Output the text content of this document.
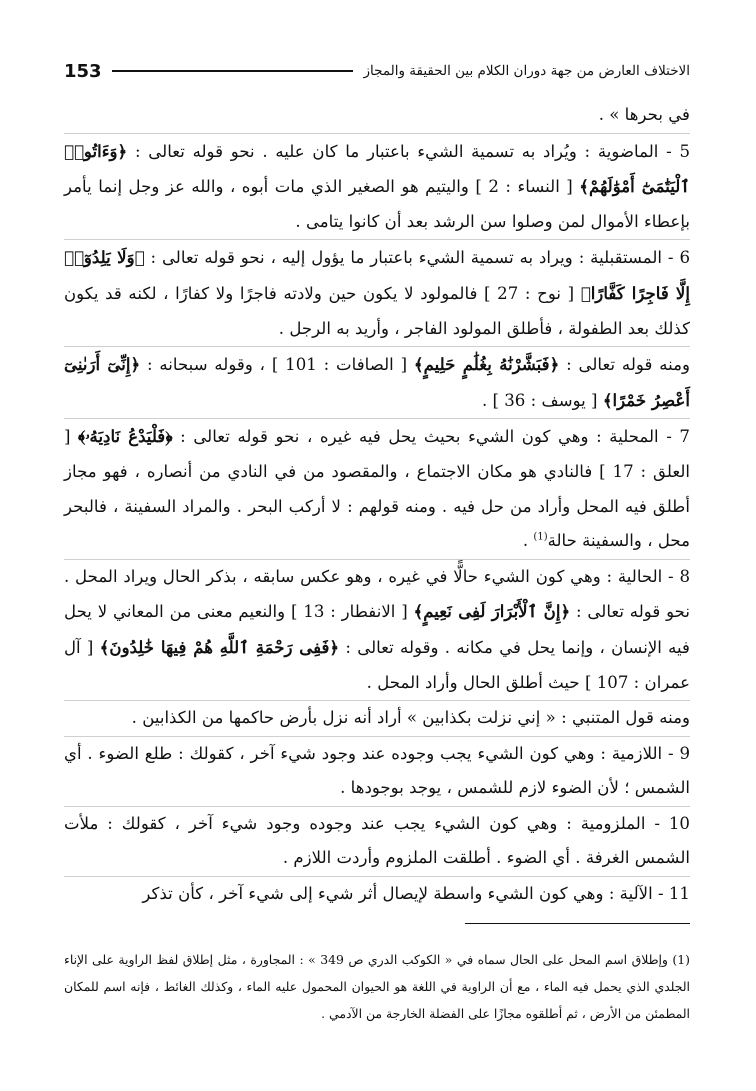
الاختلاف العارض من جهة دوران الكلام بين الحقيقة والمجاز
153

في بحرها » .

5 - الماضوية : ويُراد به تسمية الشيء باعتبار ما كان عليه . نحو قوله تعالى : ﴿وَءَاتُوا۟ ٱلْيَتَٰمَىٰٓ أَمْوَٰلَهُمْ﴾ [ النساء : 2 ] واليتيم هو الصغير الذي مات أبوه ، والله عز وجل إنما يأمر بإعطاء الأموال لمن وصلوا سن الرشد بعد أن كانوا يتامى .

6 - المستقبلية : ويراد به تسمية الشيء باعتبار ما يؤول إليه ، نحو قوله تعالى : ﴿وَلَا يَلِدُوٓا۟ إِلَّا فَاجِرًا كَفَّارًا﴾ [ نوح : 27 ] فالمولود لا يكون حين ولادته فاجرًا ولا كفارًا ، لكنه قد يكون كذلك بعد الطفولة ، فأطلق المولود الفاجر ، وأريد به الرجل .

ومنه قوله تعالى : ﴿فَبَشَّرْنَٰهُ بِغُلَٰمٍ حَلِيمٍ﴾ [ الصافات : 101 ] ، وقوله سبحانه : ﴿إِنِّىٓ أَرَىٰنِىٓ أَعْصِرُ خَمْرًا﴾ [ يوسف : 36 ] .

7 - المحلية : وهي كون الشيء بحيث يحل فيه غيره ، نحو قوله تعالى : ﴿فَلْيَدْعُ نَادِيَهُۥ﴾ [ العلق : 17 ] فالنادي هو مكان الاجتماع ، والمقصود من في النادي من أنصاره ، فهو مجاز أطلق فيه المحل وأراد من حل فيه . ومنه قولهم : لا أركب البحر . والمراد السفينة ، فالبحر محل ، والسفينة حالة$^{(1)}$ .

8 - الحالية : وهي كون الشيء حالًّا في غيره ، وهو عكس سابقه ، بذكر الحال ويراد المحل . نحو قوله تعالى : ﴿إِنَّ ٱلْأَبْرَارَ لَفِى نَعِيمٍ﴾ [ الانفطار : 13 ] والنعيم معنى من المعاني لا يحل فيه الإنسان ، وإنما يحل في مكانه . وقوله تعالى : ﴿فَفِى رَحْمَةِ ٱللَّهِ هُمْ فِيهَا خَٰلِدُونَ﴾ [ آل عمران : 107 ] حيث أطلق الحال وأراد المحل .

ومنه قول المتنبي : « إني نزلت بكذابين » أراد أنه نزل بأرض حاكمها من الكذابين .

9 - اللازمية : وهي كون الشيء يجب وجوده عند وجود شيء آخر ، كقولك : طلع الضوء . أي الشمس ؛ لأن الضوء لازم للشمس ، يوجد بوجودها .

10 - الملزومية : وهي كون الشيء يجب عند وجوده وجود شيء آخر ، كقولك : ملأت الشمس الغرفة . أي الضوء . أطلقت الملزوم وأردت اللازم .

11 - الآلية : وهي كون الشيء واسطة لإيصال أثر شيء إلى شيء آخر ، كأن تذكر

(1) وإطلاق اسم المحل على الحال سماه في « الكوكب الدري ص 349 » : المجاورة ، مثل إطلاق لفظ الراوية على الإناء الجلدي الذي يحمل فيه الماء ، مع أن الراوية في اللغة هو الحيوان المحمول عليه الماء ، وكذلك الغائط ، فإنه اسم للمكان المطمئن من الأرض ، ثم أطلقوه مجازًا على الفضلة الخارجة من الآدمي .
